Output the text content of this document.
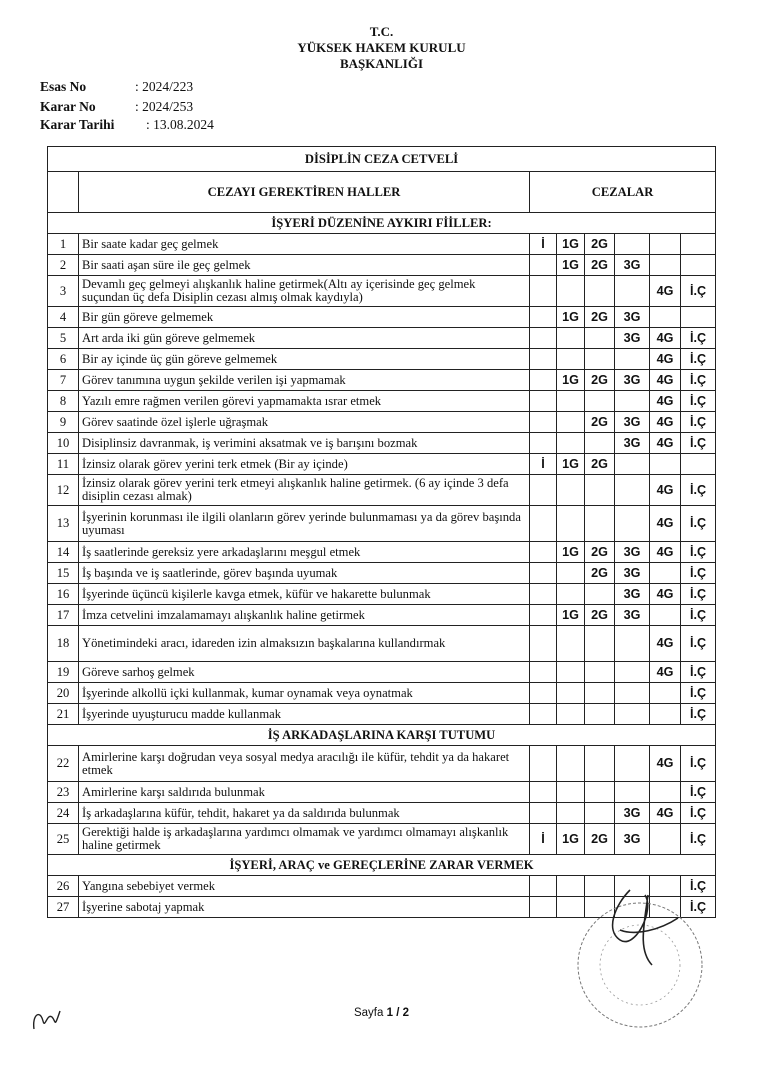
T.C.
YÜKSEK HAKEM KURULU
BAŞKANLIĞI
Esas No	: 2024/223
Karar No	: 2024/253
Karar Tarihi : 13.08.2024
DİSİPLİN CEZA CETVELİ							
	CEZAYI GEREKTİREN HALLER	CEZALAR					
İŞYERİ DÜZENİNE AYKIRI FİİLLER:							
1	Bir saate kadar geç gelmek	İ	1G	2G			
2	Bir saati aşan süre ile geç gelmek		1G	2G	3G		
3	Devamlı geç gelmeyi alışkanlık haline getirmek(Altı ay içerisinde geç gelmek suçundan üç defa Disiplin cezası almış olmak kaydıyla)					4G	İ.Ç
4	Bir gün göreve gelmemek		1G	2G	3G		
5	Art arda iki gün göreve gelmemek				3G	4G	İ.Ç
6	Bir ay içinde üç gün göreve gelmemek					4G	İ.Ç
7	Görev tanımına uygun şekilde verilen işi yapmamak		1G	2G	3G	4G	İ.Ç
8	Yazılı emre rağmen verilen görevi yapmamakta ısrar etmek					4G	İ.Ç
9	Görev saatinde özel işlerle uğraşmak			2G	3G	4G	İ.Ç
10	Disiplinsiz davranmak, iş verimini aksatmak ve iş barışını bozmak				3G	4G	İ.Ç
11	İzinsiz olarak görev yerini terk etmek (Bir ay içinde)	İ	1G	2G			
12	İzinsiz olarak görev yerini terk etmeyi alışkanlık haline getirmek. (6 ay içinde 3 defa disiplin cezası almak)					4G	İ.Ç
13	İşyerinin korunması ile ilgili olanların görev yerinde bulunmaması ya da görev başında uyuması					4G	İ.Ç
14	İş saatlerinde gereksiz yere arkadaşlarını meşgul etmek		1G	2G	3G	4G	İ.Ç
15	İş başında ve iş saatlerinde, görev başında uyumak			2G	3G		İ.Ç
16	İşyerinde üçüncü kişilerle kavga etmek, küfür ve hakarette bulunmak				3G	4G	İ.Ç
17	İmza cetvelini imzalamamayı alışkanlık haline getirmek		1G	2G	3G		İ.Ç
18	Yönetimindeki aracı, idareden izin almaksızın başkalarına kullandırmak					4G	İ.Ç
19	Göreve sarhoş gelmek					4G	İ.Ç
20	İşyerinde alkollü içki kullanmak, kumar oynamak veya oynatmak						İ.Ç
21	İşyerinde uyuşturucu madde kullanmak						İ.Ç
İŞ ARKADAŞLARINA KARŞI TUTUMU							
22	Amirlerine karşı doğrudan veya sosyal medya aracılığı ile küfür, tehdit ya da hakaret etmek					4G	İ.Ç
23	Amirlerine karşı saldırıda bulunmak						İ.Ç
24	İş arkadaşlarına küfür, tehdit, hakaret ya da saldırıda bulunmak				3G	4G	İ.Ç
25	Gerektiği halde iş arkadaşlarına yardımcı olmamak ve yardımcı olmamayı alışkanlık haline getirmek	İ	1G	2G	3G		İ.Ç
İŞYERİ, ARAÇ ve GEREÇLERİNE ZARAR VERMEK							
26	Yangına sebebiyet vermek						İ.Ç
27	İşyerine sabotaj yapmak						İ.Ç
Sayfa 1 / 2
